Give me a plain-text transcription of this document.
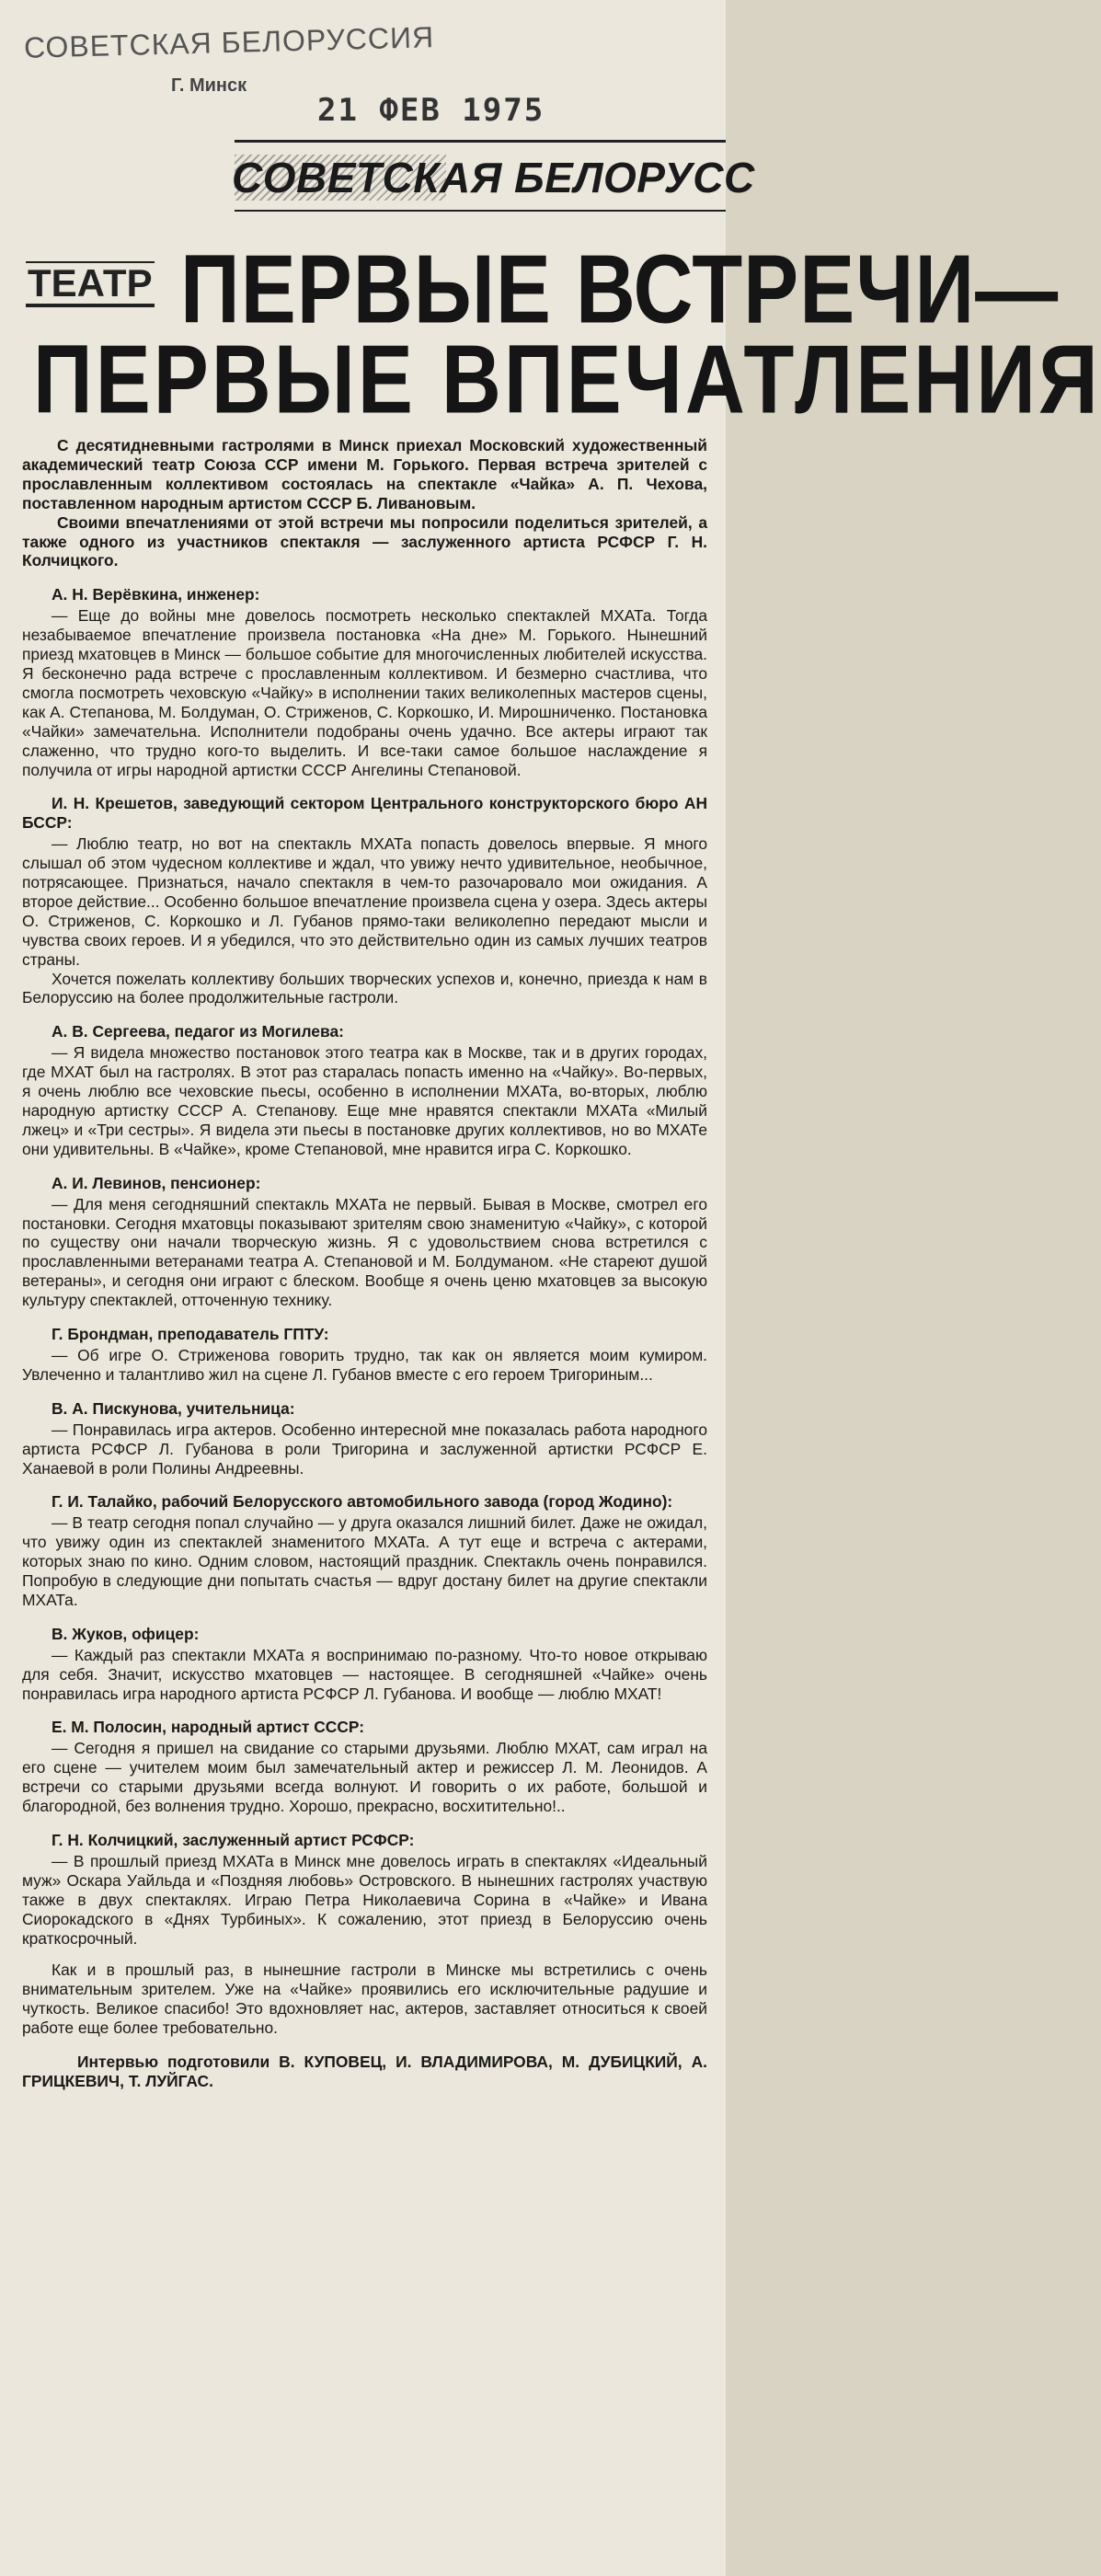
СОВЕТСКАЯ БЕЛОРУССИЯ
Г. Минск
21 ФЕВ 1975
СОВЕТСКАЯ БЕЛОРУСС
ТЕАТР ПЕРВЫЕ ВСТРЕЧИ—
ПЕРВЫЕ ВПЕЧАТЛЕНИЯ

С десятидневными гастролями в Минск приехал Московский художественный академический театр Союза ССР имени М. Горького. Первая встреча зрителей с прославленным коллективом состоялась на спектакле «Чайка» А. П. Чехова, поставленном народным артистом СССР Б. Ливановым.

Своими впечатлениями от этой встречи мы попросили поделиться зрителей, а также одного из участников спектакля — заслуженного артиста РСФСР Г. Н. Колчицкого.

А. Н. Верёвкина, инженер:

— Еще до войны мне довелось посмотреть несколько спектаклей МХАТа. Тогда незабываемое впечатление произвела постановка «На дне» М. Горького. Нынешний приезд мхатовцев в Минск — большое событие для многочисленных любителей искусства. Я бесконечно рада встрече с прославленным коллективом. И безмерно счастлива, что смогла посмотреть чеховскую «Чайку» в исполнении таких великолепных мастеров сцены, как А. Степанова, М. Болдуман, О. Стриженов, С. Коркошко, И. Мирошниченко. Постановка «Чайки» замечательна. Исполнители подобраны очень удачно. Все актеры играют так слаженно, что трудно кого-то выделить. И все-таки самое большое наслаждение я получила от игры народной артистки СССР Ангелины Степановой.

И. Н. Крешетов, заведующий сектором Центрального конструкторского бюро АН БССР:

— Люблю театр, но вот на спектакль МХАТа попасть довелось впервые. Я много слышал об этом чудесном коллективе и ждал, что увижу нечто удивительное, необычное, потрясающее. Признаться, начало спектакля в чем-то разочаровало мои ожидания. А второе действие... Особенно большое впечатление произвела сцена у озера. Здесь актеры О. Стриженов, С. Коркошко и Л. Губанов прямо-таки великолепно передают мысли и чувства своих героев. И я убедился, что это действительно один из самых лучших театров страны.

Хочется пожелать коллективу больших творческих успехов и, конечно, приезда к нам в Белоруссию на более продолжительные гастроли.

А. В. Сергеева, педагог из Могилева:

— Я видела множество постановок этого театра как в Москве, так и в других городах, где МХАТ был на гастролях. В этот раз старалась попасть именно на «Чайку». Во-первых, я очень люблю все чеховские пьесы, особенно в исполнении МХАТа, во-вторых, люблю народную артистку СССР А. Степанову. Еще мне нравятся спектакли МХАТа «Милый лжец» и «Три сестры». Я видела эти пьесы в постановке других коллективов, но во МХАТе они удивительны. В «Чайке», кроме Степановой, мне нравится игра С. Коркошко.

А. И. Левинов, пенсионер:

— Для меня сегодняшний спектакль МХАТа не первый. Бывая в Москве, смотрел его постановки. Сегодня мхатовцы показывают зрителям свою знаменитую «Чайку», с которой по существу они начали творческую жизнь. Я с удовольствием снова встретился с прославленными ветеранами театра А. Степановой и М. Болдуманом. «Не стареют душой ветераны», и сегодня они играют с блеском. Вообще я очень ценю мхатовцев за высокую культуру спектаклей, отточенную технику.

Г. Брондман, преподаватель ГПТУ:

— Об игре О. Стриженова говорить трудно, так как он является моим кумиром. Увлеченно и талантливо жил на сцене Л. Губанов вместе с его героем Тригориным...

В. А. Пискунова, учительница:

— Понравилась игра актеров. Особенно интересной мне показалась работа народного артиста РСФСР Л. Губанова в роли Тригорина и заслуженной артистки РСФСР Е. Ханаевой в роли Полины Андреевны.

Г. И. Талайко, рабочий Белорусского автомобильного завода (город Жодино):

— В театр сегодня попал случайно — у друга оказался лишний билет. Даже не ожидал, что увижу один из спектаклей знаменитого МХАТа. А тут еще и встреча с актерами, которых знаю по кино. Одним словом, настоящий праздник. Спектакль очень понравился. Попробую в следующие дни попытать счастья — вдруг достану билет на другие спектакли МХАТа.

В. Жуков, офицер:

— Каждый раз спектакли МХАТа я воспринимаю по-разному. Что-то новое открываю для себя. Значит, искусство мхатовцев — настоящее. В сегодняшней «Чайке» очень понравилась игра народного артиста РСФСР Л. Губанова. И вообще — люблю МХАТ!

Е. М. Полосин, народный артист СССР:

— Сегодня я пришел на свидание со старыми друзьями. Люблю МХАТ, сам играл на его сцене — учителем моим был замечательный актер и режиссер Л. М. Леонидов. А встречи со старыми друзьями всегда волнуют. И говорить о их работе, большой и благородной, без волнения трудно. Хорошо, прекрасно, восхитительно!..

Г. Н. Колчицкий, заслуженный артист РСФСР:

— В прошлый приезд МХАТа в Минск мне довелось играть в спектаклях «Идеальный муж» Оскара Уайльда и «Поздняя любовь» Островского. В нынешних гастролях участвую также в двух спектаклях. Играю Петра Николаевича Сорина в «Чайке» и Ивана Сиорокадского в «Днях Турбиных». К сожалению, этот приезд в Белоруссию очень краткосрочный.

Как и в прошлый раз, в нынешние гастроли в Минске мы встретились с очень внимательным зрителем. Уже на «Чайке» проявились его исключительные радушие и чуткость. Великое спасибо! Это вдохновляет нас, актеров, заставляет относиться к своей работе еще более требовательно.

Интервью подготовили В. КУПОВЕЦ, И. ВЛАДИМИРОВА, М. ДУБИЦКИЙ, А. ГРИЦКЕВИЧ, Т. ЛУЙГАС.
